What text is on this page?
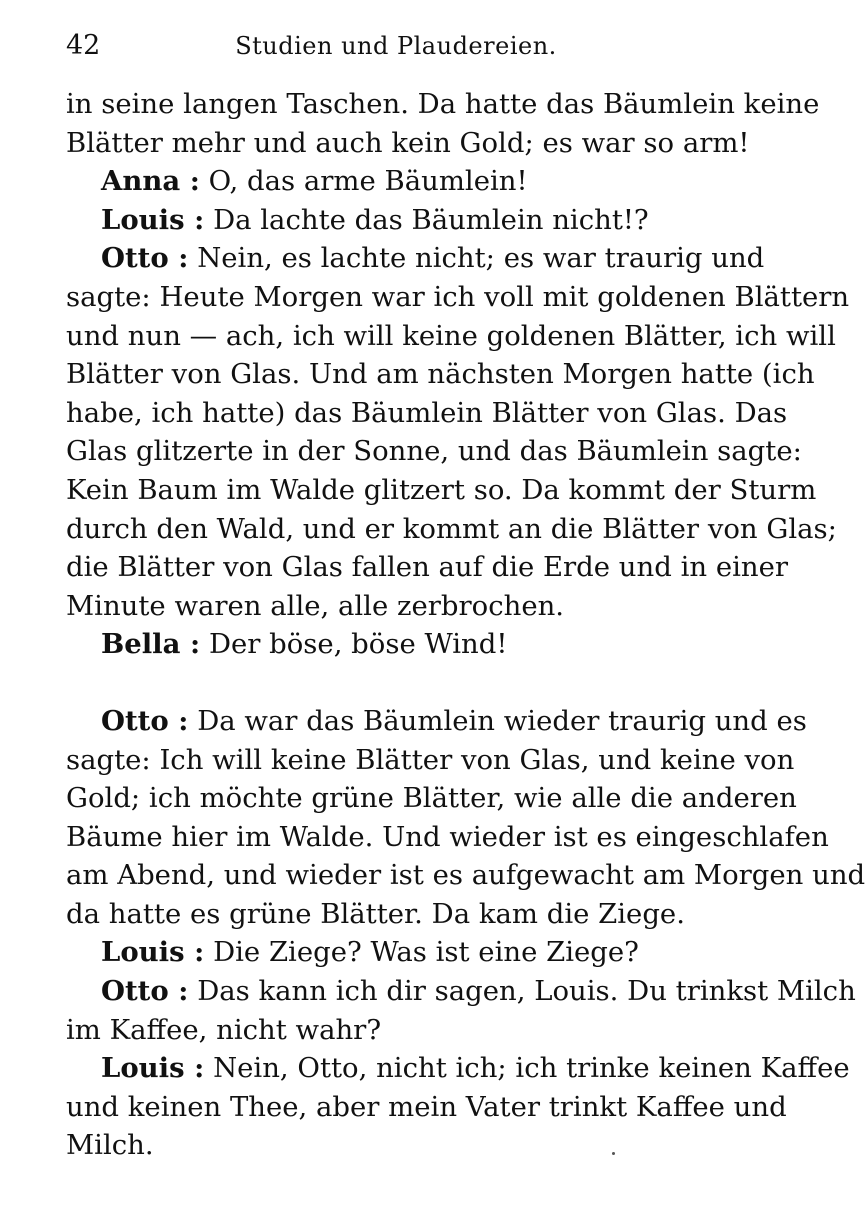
42	Studien und Plaudereien.
in seine langen Taschen. Da hatte das Bäumlein keine
Blätter mehr und auch kein Gold; es war so arm!
Anna : O, das arme Bäumlein!
Louis : Da lachte das Bäumlein nicht!?
Otto : Nein, es lachte nicht; es war traurig und
sagte: Heute Morgen war ich voll mit goldenen Blättern
und nun — ach, ich will keine goldenen Blätter, ich will
Blätter von Glas. Und am nächsten Morgen hatte (ich
habe, ich hatte) das Bäumlein Blätter von Glas. Das
Glas glitzerte in der Sonne, und das Bäumlein sagte:
Kein Baum im Walde glitzert so. Da kommt der Sturm
durch den Wald, und er kommt an die Blätter von Glas;
die Blätter von Glas fallen auf die Erde und in einer
Minute waren alle, alle zerbrochen.
Bella : Der böse, böse Wind!
Otto : Da war das Bäumlein wieder traurig und es
sagte: Ich will keine Blätter von Glas, und keine von
Gold; ich möchte grüne Blätter, wie alle die anderen
Bäume hier im Walde. Und wieder ist es eingeschlafen
am Abend, und wieder ist es aufgewacht am Morgen und
da hatte es grüne Blätter. Da kam die Ziege.
Louis : Die Ziege? Was ist eine Ziege?
Otto : Das kann ich dir sagen, Louis. Du trinkst Milch
im Kaffee, nicht wahr?
Louis : Nein, Otto, nicht ich; ich trinke keinen Kaffee
und keinen Thee, aber mein Vater trinkt Kaffee und
Milch.
